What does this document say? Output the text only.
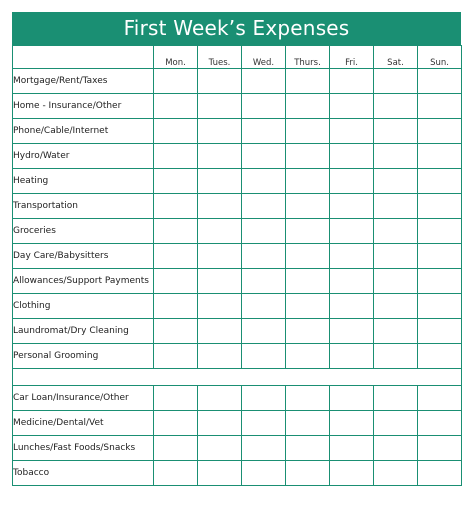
First Week’s Expenses
	Mon.	Tues.	Wed.	Thurs.	Fri.	Sat.	Sun.
Mortgage/Rent/Taxes							
Home - Insurance/Other							
Phone/Cable/Internet							
Hydro/Water							
Heating							
Transportation							
Groceries							
Day Care/Babysitters							
Allowances/Support Payments							
Clothing							
Laundromat/Dry Cleaning							
Personal Grooming							

Car Loan/Insurance/Other							
Medicine/Dental/Vet							
Lunches/Fast Foods/Snacks							
Tobacco							
